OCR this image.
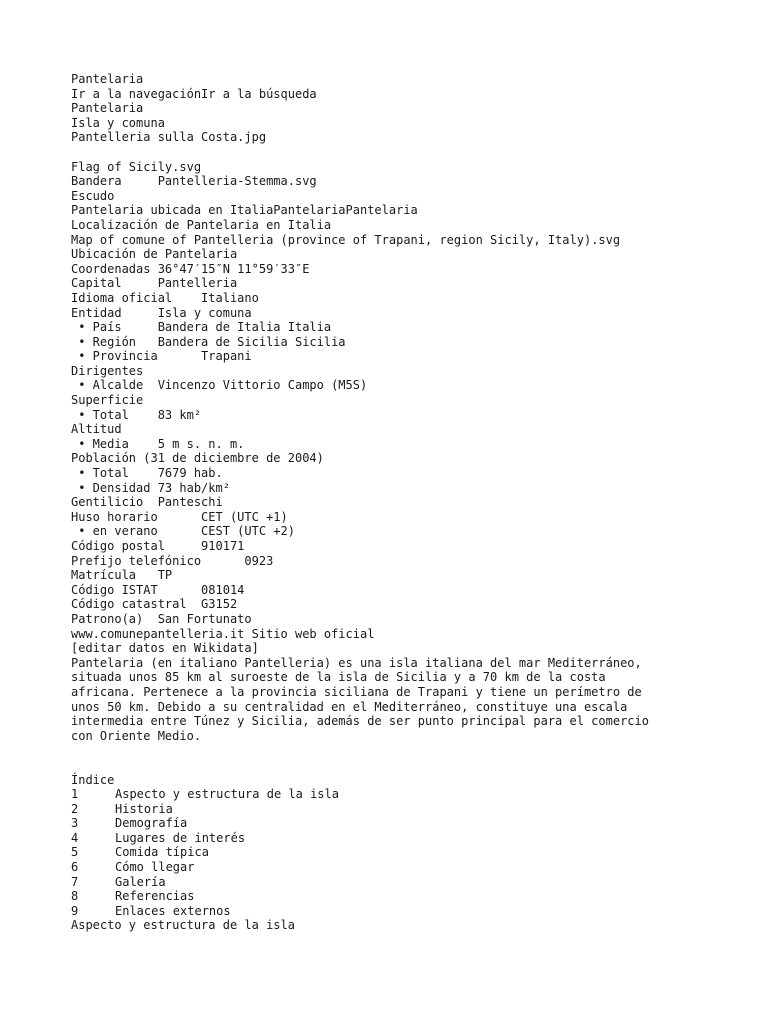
Pantelaria
Ir a la navegaciónIr a la búsqueda
Pantelaria
Isla y comuna
Pantelleria sulla Costa.jpg
Flag of Sicily.svg
Bandera     Pantelleria-Stemma.svg
Escudo
Pantelaria ubicada en ItaliaPantelariaPantelaria
Localización de Pantelaria en Italia
Map of comune of Pantelleria (province of Trapani, region Sicily, Italy).svg
Ubicación de Pantelaria
Coordenadas 36°47′15″N 11°59′33″E
Capital     Pantelleria
Idioma oficial    Italiano
Entidad     Isla y comuna
• País     Bandera de Italia Italia
• Región   Bandera de Sicilia Sicilia
• Provincia      Trapani
Dirigentes
• Alcalde  Vincenzo Vittorio Campo (M5S)
Superficie
• Total    83 km²
Altitud
• Media    5 m s. n. m.
Población (31 de diciembre de 2004)
• Total    7679 hab.
• Densidad 73 hab/km²
Gentilicio  Panteschi
Huso horario      CET (UTC +1)
• en verano      CEST (UTC +2)
Código postal     910171
Prefijo telefónico      0923
Matrícula   TP
Código ISTAT      081014
Código catastral  G3152
Patrono(a)  San Fortunato
www.comunepantelleria.it Sitio web oficial
[editar datos en Wikidata]
Pantelaria (en italiano Pantelleria) es una isla italiana del mar Mediterráneo,
situada unos 85 km al suroeste de la isla de Sicilia y a 70 km de la costa
africana. Pertenece a la provincia siciliana de Trapani y tiene un perímetro de
unos 50 km. Debido a su centralidad en el Mediterráneo, constituye una escala
intermedia entre Túnez y Sicilia, además de ser punto principal para el comercio
con Oriente Medio.
Índice
1	Aspecto y estructura de la isla
2	Historia
3	Demografía
4	Lugares de interés
5	Comida típica
6	Cómo llegar
7	Galería
8	Referencias
9	Enlaces externos
Aspecto y estructura de la isla
